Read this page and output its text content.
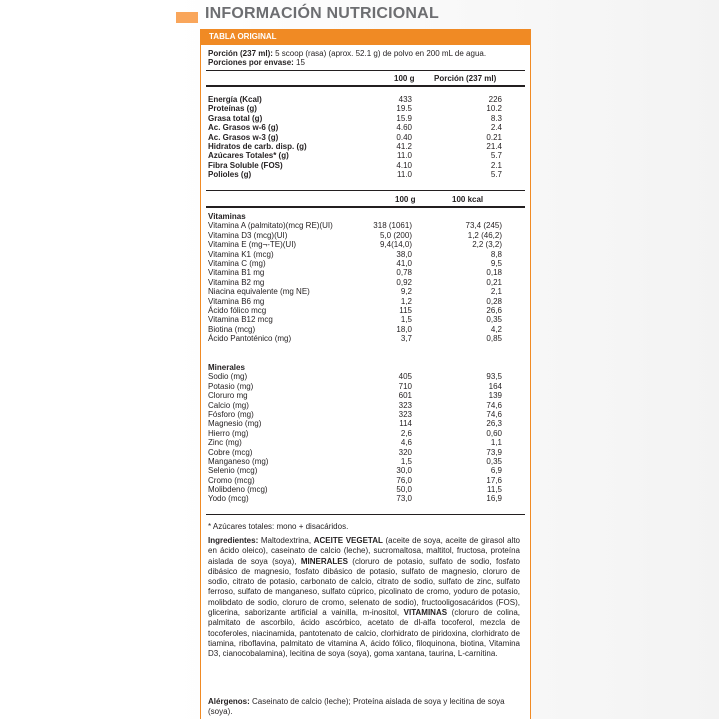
INFORMACIÓN NUTRICIONAL
TABLA ORIGINAL
Porción (237 ml): 5 scoop (rasa) (aprox. 52.1 g) de polvo en 200 mL de agua.
Porciones por envase: 15
100 g Porción (237 ml)
Energía (Kcal)	433	226
Proteínas (g)	19.5	10.2
Grasa total (g)	15.9	8.3
Ac. Grasos w-6 (g)	4.60	2.4
Ac. Grasos w-3 (g)	0.40	0.21
Hidratos de carb. disp. (g)	41.2	21.4
Azúcares Totales* (g)	11.0	5.7
Fibra Soluble (FOS)	4.10	2.1
Polioles (g)	11.0	5.7
100 g	100 kcal
Vitaminas
Vitamina A (palmitato)(mcg RE)(UI)	318 (1061)	73,4 (245)
Vitamina D3 (mcg)(UI)	5,0 (200)	1,2 (46,2)
Vitamina E (mg¬-TE)(UI)	9,4(14,0)	2,2 (3,2)
Vitamina K1 (mcg)	38,0	8,8
Vitamina C (mg)	41,0	9,5
Vitamina B1 mg	0,78	0,18
Vitamina B2 mg	0,92	0,21
Niacina equivalente (mg NE)	9,2	2,1
Vitamina B6 mg	1,2	0,28
Ácido fólico mcg	115	26,6
Vitamina B12 mcg	1,5	0,35
Biotina (mcg)	18,0	4,2
Ácido Pantoténico (mg)	3,7	0,85
Minerales
Sodio (mg)	405	93,5
Potasio (mg)	710	164
Cloruro mg	601	139
Calcio (mg)	323	74,6
Fósforo (mg)	323	74,6
Magnesio (mg)	114	26,3
Hierro (mg)	2,6	0,60
Zinc (mg)	4,6	1,1
Cobre (mcg)	320	73,9
Manganeso (mg)	1,5	0,35
Selenio (mcg)	30,0	6,9
Cromo (mcg)	76,0	17,6
Molibdeno (mcg)	50,0	11,5
Yodo (mcg)	73,0	16,9
* Azúcares totales: mono + disacáridos.
Ingredientes: Maltodextrina, ACEITE VEGETAL (aceite de soya, aceite de girasol alto en ácido oleico), caseinato de calcio (leche), sucromaltosa, maltitol, fructosa, proteína aislada de soya (soya), MINERALES (cloruro de potasio, sulfato de sodio, fosfato dibásico de magnesio, fosfato dibásico de potasio, sulfato de magnesio, cloruro de sodio, citrato de potasio, carbonato de calcio, citrato de sodio, sulfato de zinc, sulfato ferroso, sulfato de manganeso, sulfato cúprico, picolinato de cromo, yoduro de potasio, molibdato de sodio, cloruro de cromo, selenato de sodio), fructooligosacáridos (FOS), glicerina, saborizante artificial a vainilla, m-inositol, VITAMINAS (cloruro de colina, palmitato de ascorbilo, ácido ascórbico, acetato de dl-alfa tocoferol, mezcla de tocoferoles, niacinamida, pantotenato de calcio, clorhidrato de piridoxina, clorhidrato de tiamina, riboflavina, palmitato de vitamina A, ácido fólico, filoquinona, biotina, Vitamina D3, cianocobalamina), lecitina de soya (soya), goma xantana, taurina, L-carnitina.
Alérgenos: Caseinato de calcio (leche); Proteína aislada de soya y lecitina de soya (soya).
